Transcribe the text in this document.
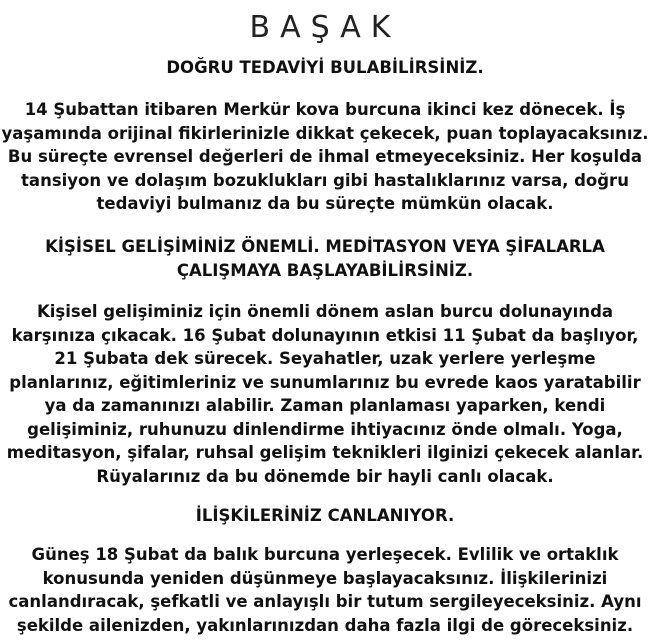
BAŞAK
DOĞRU TEDAVİYİ BULABİLİRSİNİZ.
14 Şubattan itibaren Merkür kova burcuna ikinci kez dönecek. İş
yaşamında orijinal fikirlerinizle dikkat çekecek, puan toplayacaksınız.
Bu süreçte evrensel değerleri de ihmal etmeyeceksiniz. Her koşulda
tansiyon ve dolaşım bozuklukları gibi hastalıklarınız varsa, doğru
tedaviyi bulmanız da bu süreçte mümkün olacak.
KİŞİSEL GELİŞİMİNİZ ÖNEMLİ. MEDİTASYON VEYA ŞİFALARLA
ÇALIŞMAYA BAŞLAYABİLİRSİNİZ.
Kişisel gelişiminiz için önemli dönem aslan burcu dolunayında
karşınıza çıkacak. 16 Şubat dolunayının etkisi 11 Şubat da başlıyor,
21 Şubata dek sürecek. Seyahatler, uzak yerlere yerleşme
planlarınız, eğitimleriniz ve sunumlarınız bu evrede kaos yaratabilir
ya da zamanınızı alabilir. Zaman planlaması yaparken, kendi
gelişiminiz, ruhunuzu dinlendirme ihtiyacınız önde olmalı. Yoga,
meditasyon, şifalar, ruhsal gelişim teknikleri ilginizi çekecek alanlar.
Rüyalarınız da bu dönemde bir hayli canlı olacak.
İLİŞKİLERİNİZ CANLANIYOR.
Güneş 18 Şubat da balık burcuna yerleşecek. Evlilik ve ortaklık
konusunda yeniden düşünmeye başlayacaksınız. İlişkilerinizi
canlandıracak, şefkatli ve anlayışlı bir tutum sergileyeceksiniz. Aynı
şekilde ailenizden, yakınlarınızdan daha fazla ilgi de göreceksiniz.
